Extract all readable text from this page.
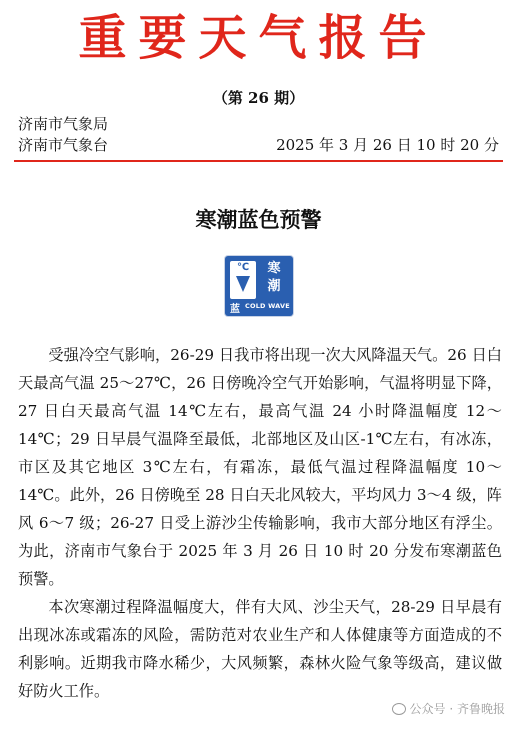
重要天气报告
（第 26 期）
济南市气象局
济南市气象台	2025 年 3 月 26 日 10 时 20 分
寒潮蓝色预警
℃	寒
潮
蓝 COLD WAVE

受强冷空气影响，26-29 日我市将出现一次大风降温天气。26 日白天最高气温 25～27℃，26 日傍晚冷空气开始影响，气温将明显下降，27 日白天最高气温 14℃左右，最高气温 24 小时降温幅度 12～14℃；29 日早晨气温降至最低，北部地区及山区-1℃左右，有冰冻，市区及其它地区 3℃左右，有霜冻，最低气温过程降温幅度 10～14℃。此外，26 日傍晚至 28 日白天北风较大，平均风力 3～4 级，阵风 6～7 级；26-27 日受上游沙尘传输影响，我市大部分地区有浮尘。为此，济南市气象台于 2025 年 3 月 26 日 10 时 20 分发布寒潮蓝色预警。

本次寒潮过程降温幅度大，伴有大风、沙尘天气，28-29 日早晨有出现冰冻或霜冻的风险，需防范对农业生产和人体健康等方面造成的不利影响。近期我市降水稀少，大风频繁，森林火险气象等级高，建议做好防火工作。

公众号 · 齐鲁晚报
